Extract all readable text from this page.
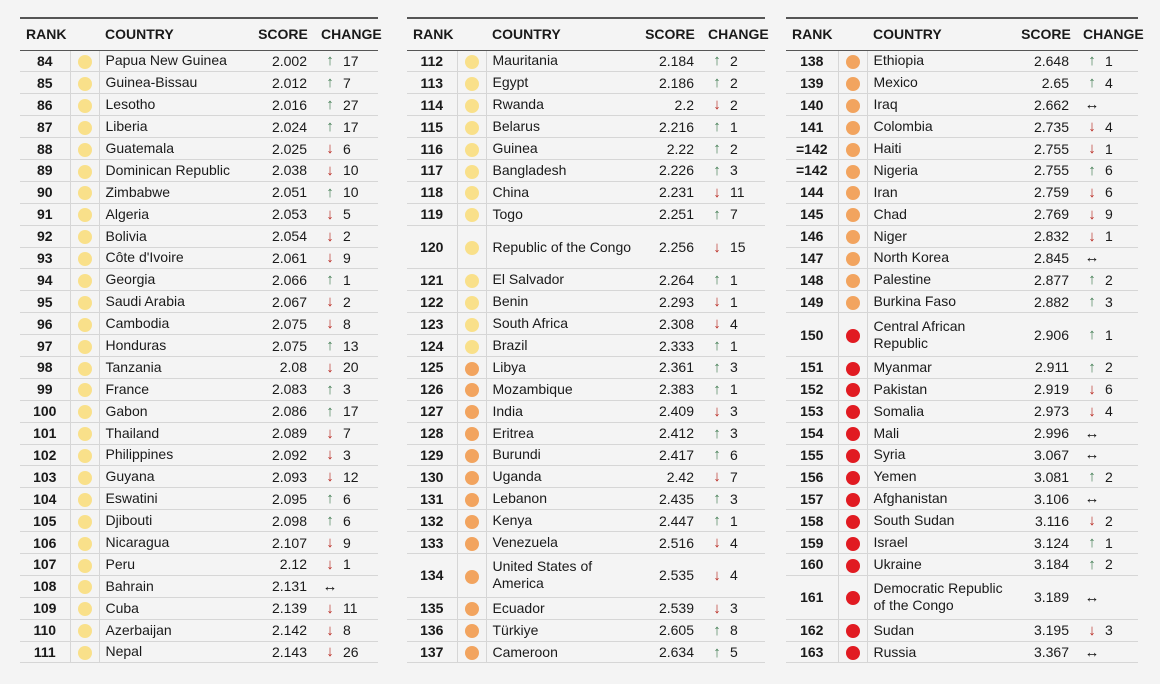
RANK		COUNTRY	SCORE	CHANGE
84		Papua New Guinea	2.002	↑ 17

85		Guinea-Bissau	2.012	↑ 7

86		Lesotho	2.016	↑ 27

87		Liberia	2.024	↑ 17

88		Guatemala	2.025	↓ 6

89		Dominican Republic	2.038	↓ 10

90		Zimbabwe	2.051	↑ 10

91		Algeria	2.053	↓ 5

92		Bolivia	2.054	↓ 2

93		Côte d'Ivoire	2.061	↓ 9

94		Georgia	2.066	↑ 1

95		Saudi Arabia	2.067	↓ 2

96		Cambodia	2.075	↓ 8

97		Honduras	2.075	↑ 13

98		Tanzania	2.08	↓ 20

99		France	2.083	↑ 3

100		Gabon	2.086	↑ 17

101		Thailand	2.089	↓ 7

102		Philippines	2.092	↓ 3

103		Guyana	2.093	↓ 12

104		Eswatini	2.095	↑ 6

105		Djibouti	2.098	↑ 6

106		Nicaragua	2.107	↓ 9

107		Peru	2.12	↓ 1

108		Bahrain	2.131	↔

109		Cuba	2.139	↓ 11

110		Azerbaijan	2.142	↓ 8

111		Nepal	2.143	↓ 26
RANK		COUNTRY	SCORE	CHANGE
112		Mauritania	2.184	↑ 2

113		Egypt	2.186	↑ 2

114		Rwanda	2.2	↓ 2

115		Belarus	2.216	↑ 1

116		Guinea	2.22	↑ 2

117		Bangladesh	2.226	↑ 3

118		China	2.231	↓ 11

119		Togo	2.251	↑ 7

120		Republic of the Congo	2.256	↓ 15

121		El Salvador	2.264	↑ 1

122		Benin	2.293	↓ 1

123		South Africa	2.308	↓ 4

124		Brazil	2.333	↑ 1

125		Libya	2.361	↑ 3

126		Mozambique	2.383	↑ 1

127		India	2.409	↓ 3

128		Eritrea	2.412	↑ 3

129		Burundi	2.417	↑ 6

130		Uganda	2.42	↓ 7

131		Lebanon	2.435	↑ 3

132		Kenya	2.447	↑ 1

133		Venezuela	2.516	↓ 4

134		United States of America	2.535	↓ 4

135		Ecuador	2.539	↓ 3

136		Türkiye	2.605	↑ 8

137		Cameroon	2.634	↑ 5
RANK		COUNTRY	SCORE	CHANGE
138		Ethiopia	2.648	↑ 1

139		Mexico	2.65	↑ 4

140		Iraq	2.662	↔

141		Colombia	2.735	↓ 4

=142		Haiti	2.755	↓ 1

=142		Nigeria	2.755	↑ 6

144		Iran	2.759	↓ 6

145		Chad	2.769	↓ 9

146		Niger	2.832	↓ 1

147		North Korea	2.845	↔

148		Palestine	2.877	↑ 2

149		Burkina Faso	2.882	↑ 3

150		Central African Republic	2.906	↑ 1

151		Myanmar	2.911	↑ 2

152		Pakistan	2.919	↓ 6

153		Somalia	2.973	↓ 4

154		Mali	2.996	↔

155		Syria	3.067	↔

156		Yemen	3.081	↑ 2

157		Afghanistan	3.106	↔

158		South Sudan	3.116	↓ 2

159		Israel	3.124	↑ 1

160		Ukraine	3.184	↑ 2

161		Democratic Republic of the Congo	3.189	↔

162		Sudan	3.195	↓ 3

163		Russia	3.367	↔
